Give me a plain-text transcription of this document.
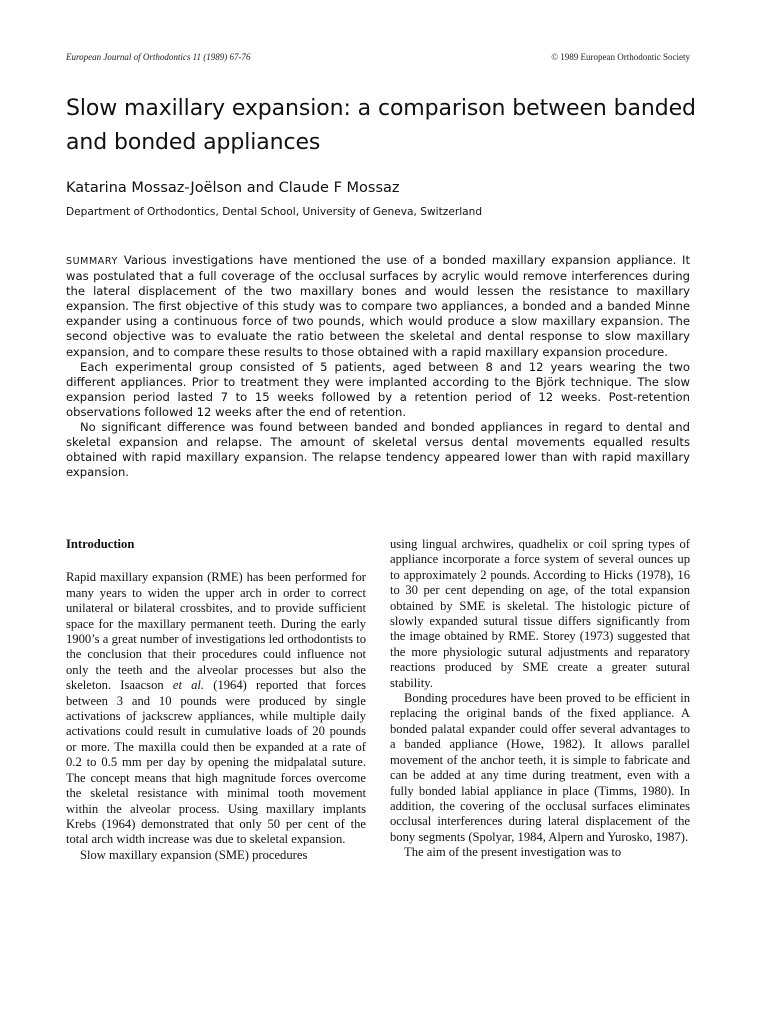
European Journal of Orthodontics 11 (1989) 67-76	© 1989 European Orthodontic Society
Slow maxillary expansion: a comparison between banded and bonded appliances
Katarina Mossaz-Joëlson and Claude F Mossaz
Department of Orthodontics, Dental School, University of Geneva, Switzerland

SUMMARY Various investigations have mentioned the use of a bonded maxillary expansion appliance. It was postulated that a full coverage of the occlusal surfaces by acrylic would remove interferences during the lateral displacement of the two maxillary bones and would lessen the resistance to maxillary expansion. The first objective of this study was to compare two appliances, a bonded and a banded Minne expander using a continuous force of two pounds, which would produce a slow maxillary expansion. The second objective was to evaluate the ratio between the skeletal and dental response to slow maxillary expansion, and to compare these results to those obtained with a rapid maxillary expansion procedure.

Each experimental group consisted of 5 patients, aged between 8 and 12 years wearing the two different appliances. Prior to treatment they were implanted according to the Björk technique. The slow expansion period lasted 7 to 15 weeks followed by a retention period of 12 weeks. Post-retention observations followed 12 weeks after the end of retention.

No significant difference was found between banded and bonded appliances in regard to dental and skeletal expansion and relapse. The amount of skeletal versus dental movements equalled results obtained with rapid maxillary expansion. The relapse tendency appeared lower than with rapid maxillary expansion.

Introduction

Rapid maxillary expansion (RME) has been performed for many years to widen the upper arch in order to correct unilateral or bilateral crossbites, and to provide sufficient space for the maxillary permanent teeth. During the early 1900’s a great number of investigations led orthodontists to the conclusion that their procedures could influence not only the teeth and the alveolar processes but also the skeleton. Isaacson et al. (1964) reported that forces between 3 and 10 pounds were produced by single activations of jackscrew appliances, while multiple daily activations could result in cumulative loads of 20 pounds or more. The maxilla could then be expanded at a rate of 0.2 to 0.5 mm per day by opening the midpalatal suture. The concept means that high magnitude forces overcome the skeletal resistance with minimal tooth movement within the alveolar process. Using maxillary implants Krebs (1964) demonstrated that only 50 per cent of the total arch width increase was due to skeletal expansion.

Slow maxillary expansion (SME) procedures

using lingual archwires, quadhelix or coil spring types of appliance incorporate a force system of several ounces up to approximately 2 pounds. According to Hicks (1978), 16 to 30 per cent depending on age, of the total expansion obtained by SME is skeletal. The histologic picture of slowly expanded sutural tissue differs significantly from the image obtained by RME. Storey (1973) suggested that the more physiologic sutural adjustments and reparatory reactions produced by SME create a greater sutural stability.

Bonding procedures have been proved to be efficient in replacing the original bands of the fixed appliance. A bonded palatal expander could offer several advantages to a banded appliance (Howe, 1982). It allows parallel movement of the anchor teeth, it is simple to fabricate and can be added at any time during treatment, even with a fully bonded labial appliance in place (Timms, 1980). In addition, the covering of the occlusal surfaces eliminates occlusal interferences during lateral displacement of the bony segments (Spolyar, 1984, Alpern and Yurosko, 1987).

The aim of the present investigation was to
